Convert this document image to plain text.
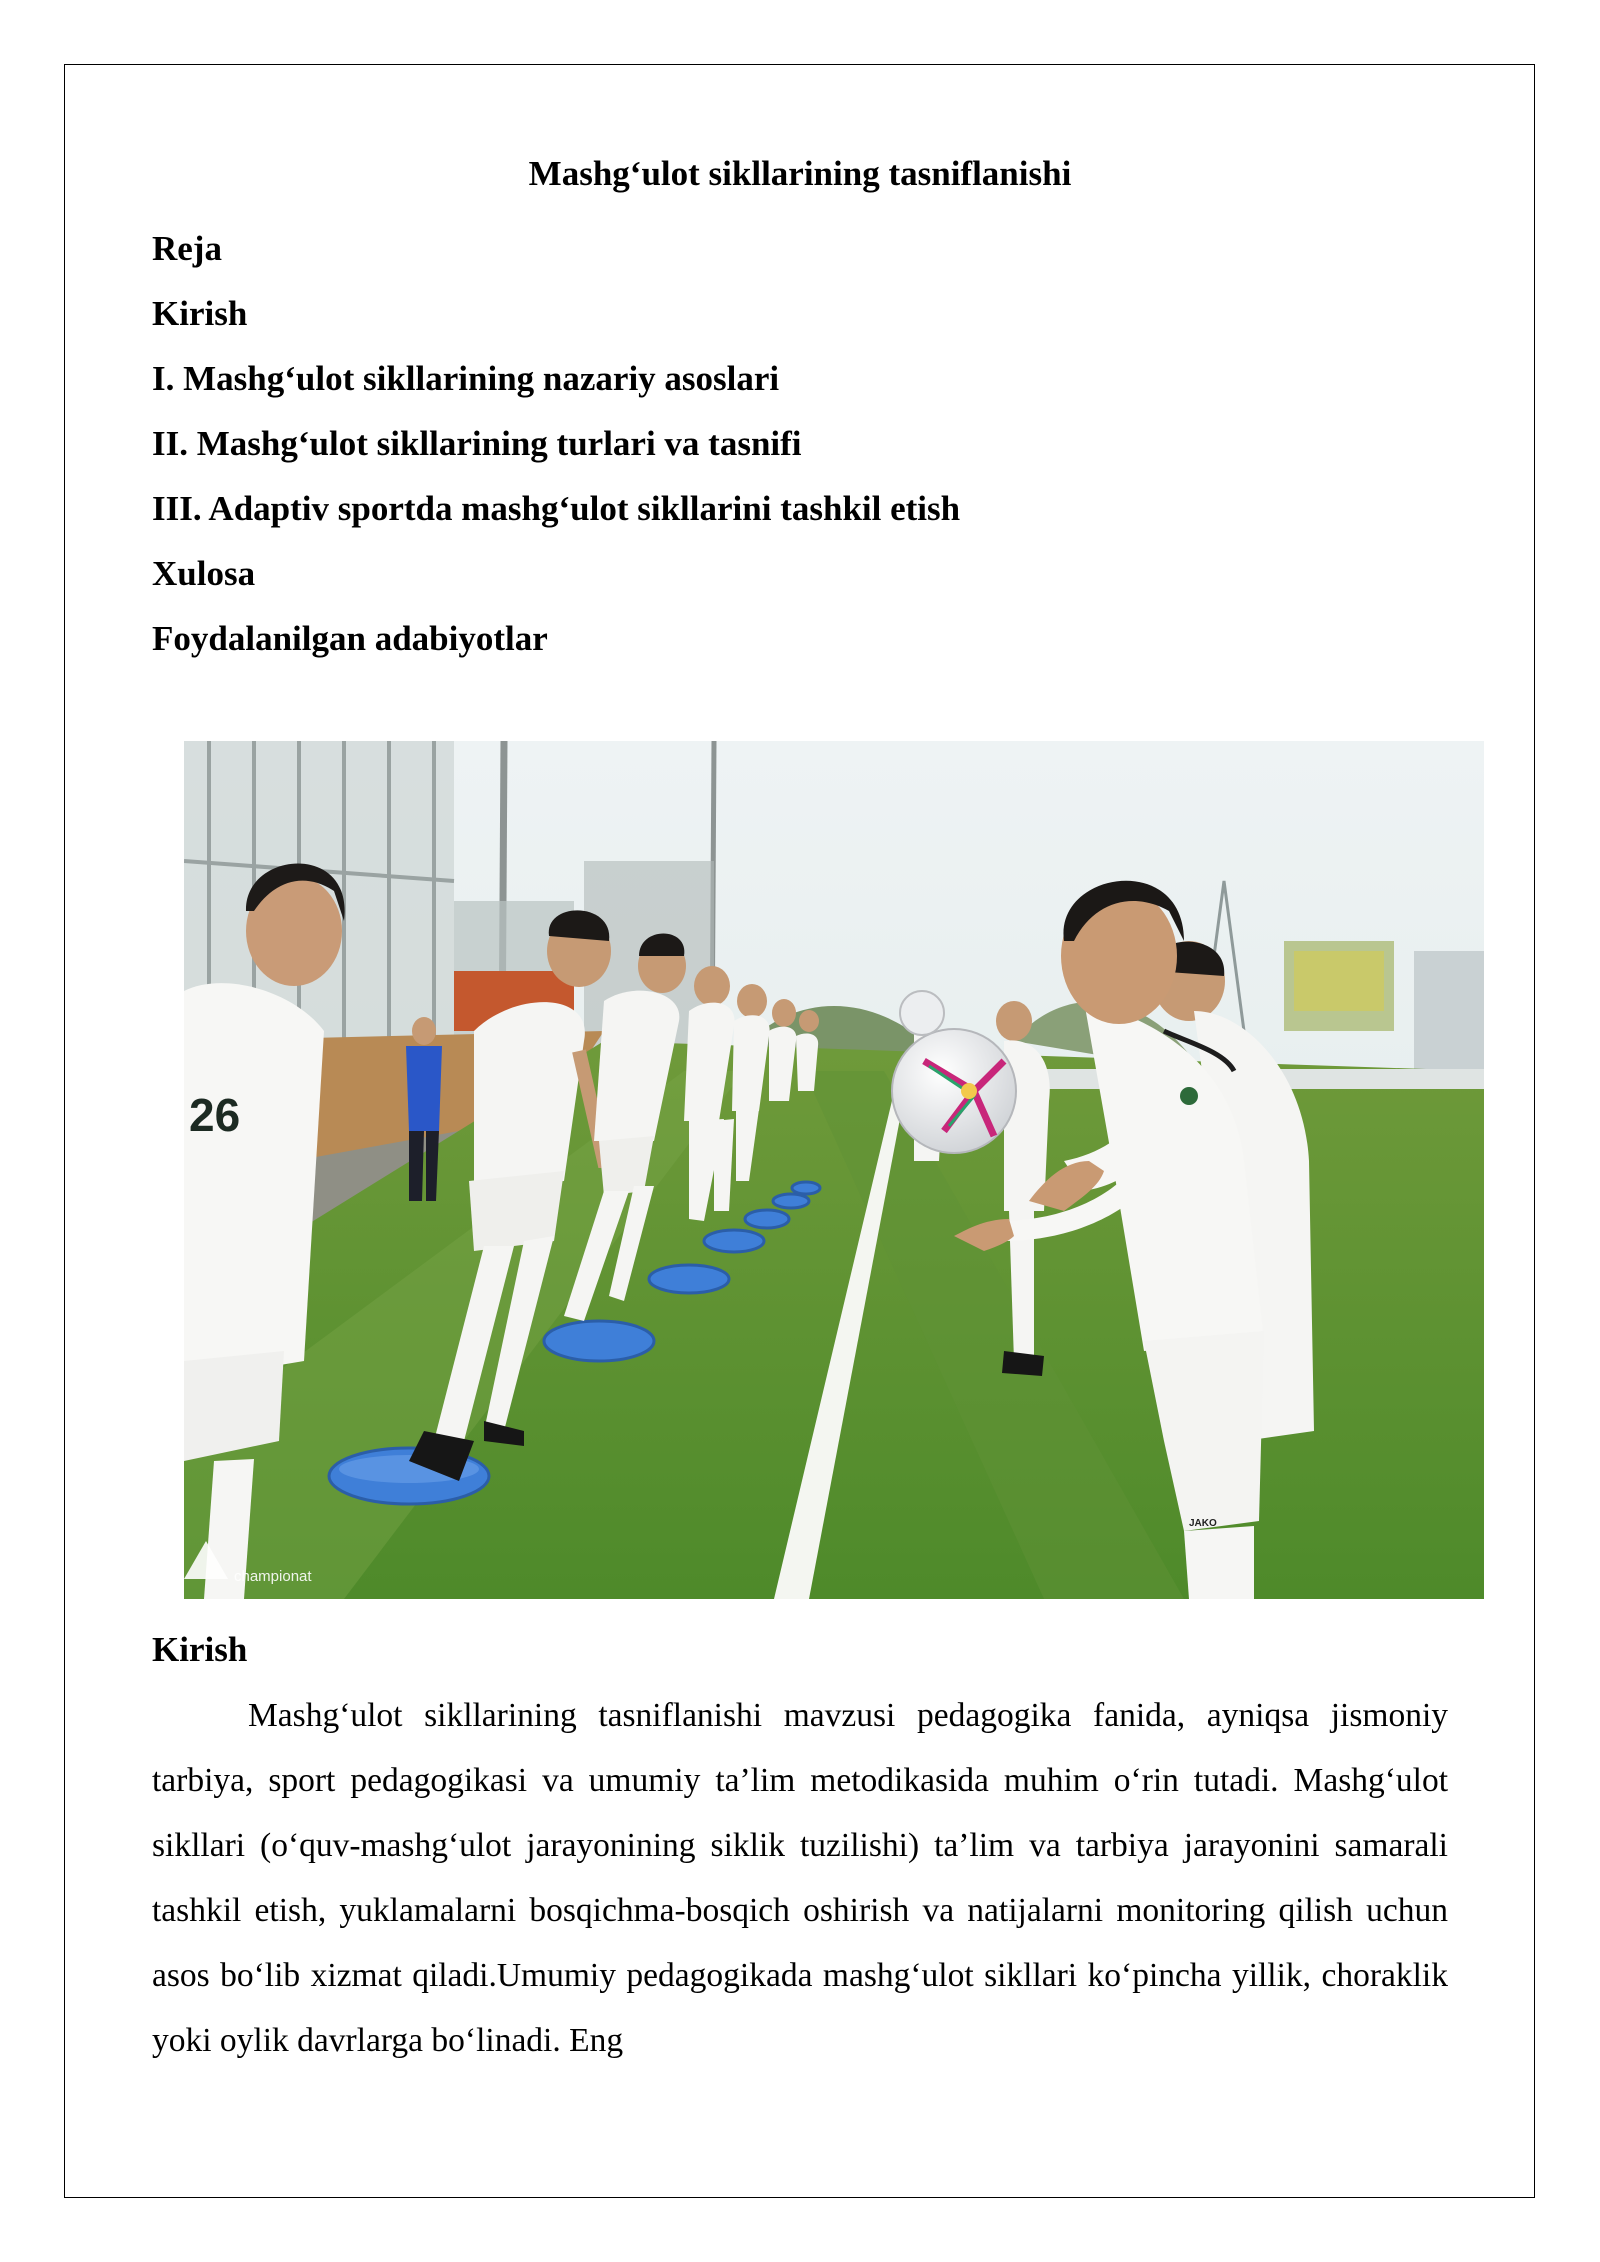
Mashg‘ulot sikllarining tasniflanishi
Reja
Kirish
I. Mashg‘ulot sikllarining nazariy asoslari
II. Mashg‘ulot sikllarining turlari va tasnifi
III. Adaptiv sportda mashg‘ulot sikllarini tashkil etish
Xulosa
Foydalanilgan adabiyotlar
26
JAKO
championat
Kirish

Mashg‘ulot sikllarining tasniflanishi mavzusi pedagogika fanida, ayniqsa jismoniy tarbiya, sport pedagogikasi va umumiy ta’lim metodikasida muhim o‘rin tutadi. Mashg‘ulot sikllari (o‘quv-mashg‘ulot jarayonining siklik tuzilishi) ta’lim va tarbiya jarayonini samarali tashkil etish, yuklamalarni bosqichma-bosqich oshirish va natijalarni monitoring qilish uchun asos bo‘lib xizmat qiladi.Umumiy pedagogikada mashg‘ulot sikllari ko‘pincha yillik, choraklik yoki oylik davrlarga bo‘linadi. Eng
